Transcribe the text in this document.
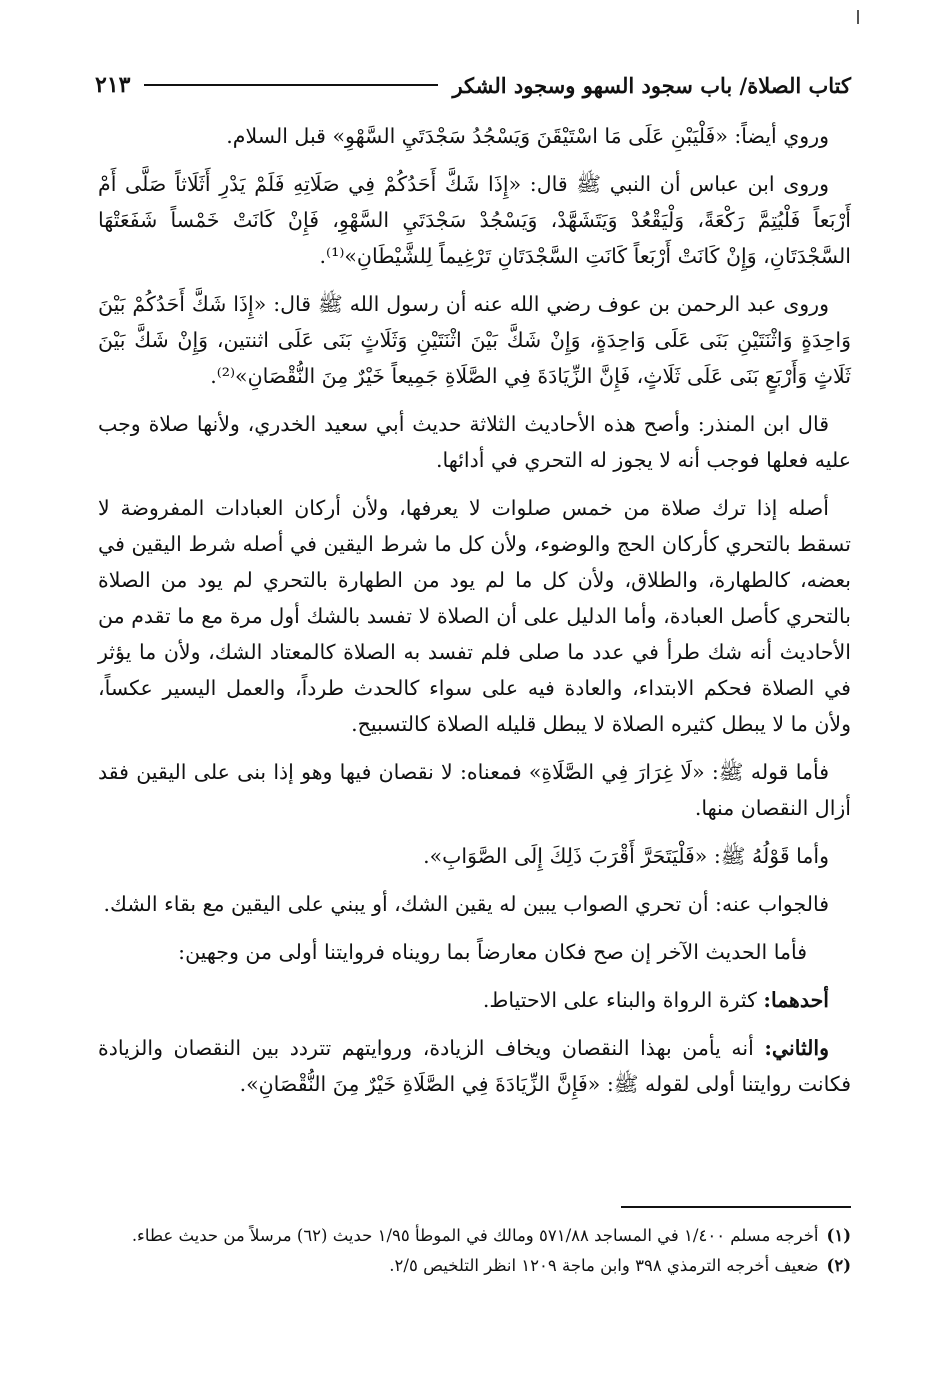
كتاب الصلاة/ باب سجود السهو وسجود الشكر
٢١٣

وروي أيضاً: «فَلْيَبْنِ عَلَى مَا اسْتَيْقَنَ وَيَسْجُدُ سَجْدَتَيِ السَّهْوِ» قبل السلام.

وروى ابن عباس أن النبي ﷺ قال: «إِذَا شَكَّ أَحَدُكُمْ فِي صَلَاتِهِ فَلَمْ يَدْرِ أَثَلَاثاً صَلَّى أَمْ أَرْبَعاً فَلْيُتِمَّ رَكْعَةً، وَلْيَقْعُدْ وَيَتَشَهَّدْ، وَيَسْجُدْ سَجْدَتَيِ السَّهْوِ، فَإِنْ كَانَتْ خَمْساً شَفَعَتْهَا السَّجْدَتَانِ، وَإِنْ كَانَتْ أَرْبَعاً كَانَتِ السَّجْدَتَانِ تَرْغِيماً لِلشَّيْطَانِ»⁽¹⁾.

وروى عبد الرحمن بن عوف رضي الله عنه أن رسول الله ﷺ قال: «إِذَا شَكَّ أَحَدُكُمْ بَيْنَ وَاحِدَةٍ وَاثْنَتَيْنِ بَنَى عَلَى وَاحِدَةٍ، وَإِنْ شَكَّ بَيْنَ اثْنَتَيْنِ وَثَلَاثٍ بَنَى عَلَى اثنتين، وَإِنْ شَكَّ بَيْنَ ثَلَاثٍ وَأَرْبَعٍ بَنَى عَلَى ثَلَاثٍ، فَإِنَّ الزِّيَادَةَ فِي الصَّلَاةِ جَمِيعاً خَيْرٌ مِنَ النُّقْصَانِ»⁽²⁾.

قال ابن المنذر: وأصح هذه الأحاديث الثلاثة حديث أبي سعيد الخدري، ولأنها صلاة وجب عليه فعلها فوجب أنه لا يجوز له التحري في أدائها.

أصله إذا ترك صلاة من خمس صلوات لا يعرفها، ولأن أركان العبادات المفروضة لا تسقط بالتحري كأركان الحج والوضوء، ولأن كل ما شرط اليقين في أصله شرط اليقين في بعضه، كالطهارة، والطلاق، ولأن كل ما لم يود من الطهارة بالتحري لم يود من الصلاة بالتحري كأصل العبادة، وأما الدليل على أن الصلاة لا تفسد بالشك أول مرة مع ما تقدم من الأحاديث أنه شك طرأ في عدد ما صلى فلم تفسد به الصلاة كالمعتاد الشك، ولأن ما يؤثر في الصلاة فحكم الابتداء، والعادة فيه على سواء كالحدث طرداً، والعمل اليسير عكساً، ولأن ما لا يبطل كثيره الصلاة لا يبطل قليله الصلاة كالتسبيح.

فأما قوله ﷺ: «لَا غِرَارَ فِي الصَّلَاةِ» فمعناه: لا نقصان فيها وهو إذا بنى على اليقين فقد أزال النقصان منها.

وأما قَوْلُهُ ﷺ: «فَلْيَتَحَرَّ أَقْرَبَ ذَلِكَ إِلَى الصَّوَابِ».

فالجواب عنه: أن تحري الصواب يبين له يقين الشك، أو يبني على اليقين مع بقاء الشك.

فأما الحديث الآخر إن صح فكان معارضاً بما رويناه فروايتنا أولى من وجهين:

أحدهما: كثرة الرواة والبناء على الاحتياط.

والثاني: أنه يأمن بهذا النقصان ويخاف الزيادة، وروايتهم تتردد بين النقصان والزيادة فكانت روايتنا أولى لقوله ﷺ: «فَإِنَّ الزِّيَادَةَ فِي الصَّلَاةِ خَيْرٌ مِنَ النُّقْصَانِ».

(١)
أخرجه مسلم ١/٤٠٠ في المساجد ٥٧١/٨٨ ومالك في الموطأ ١/٩٥ حديث (٦٢) مرسلاً من حديث عطاء.
(٢)
ضعيف أخرجه الترمذي ٣٩٨ وابن ماجة ١٢٠٩ انظر التلخيص ٢/٥.
